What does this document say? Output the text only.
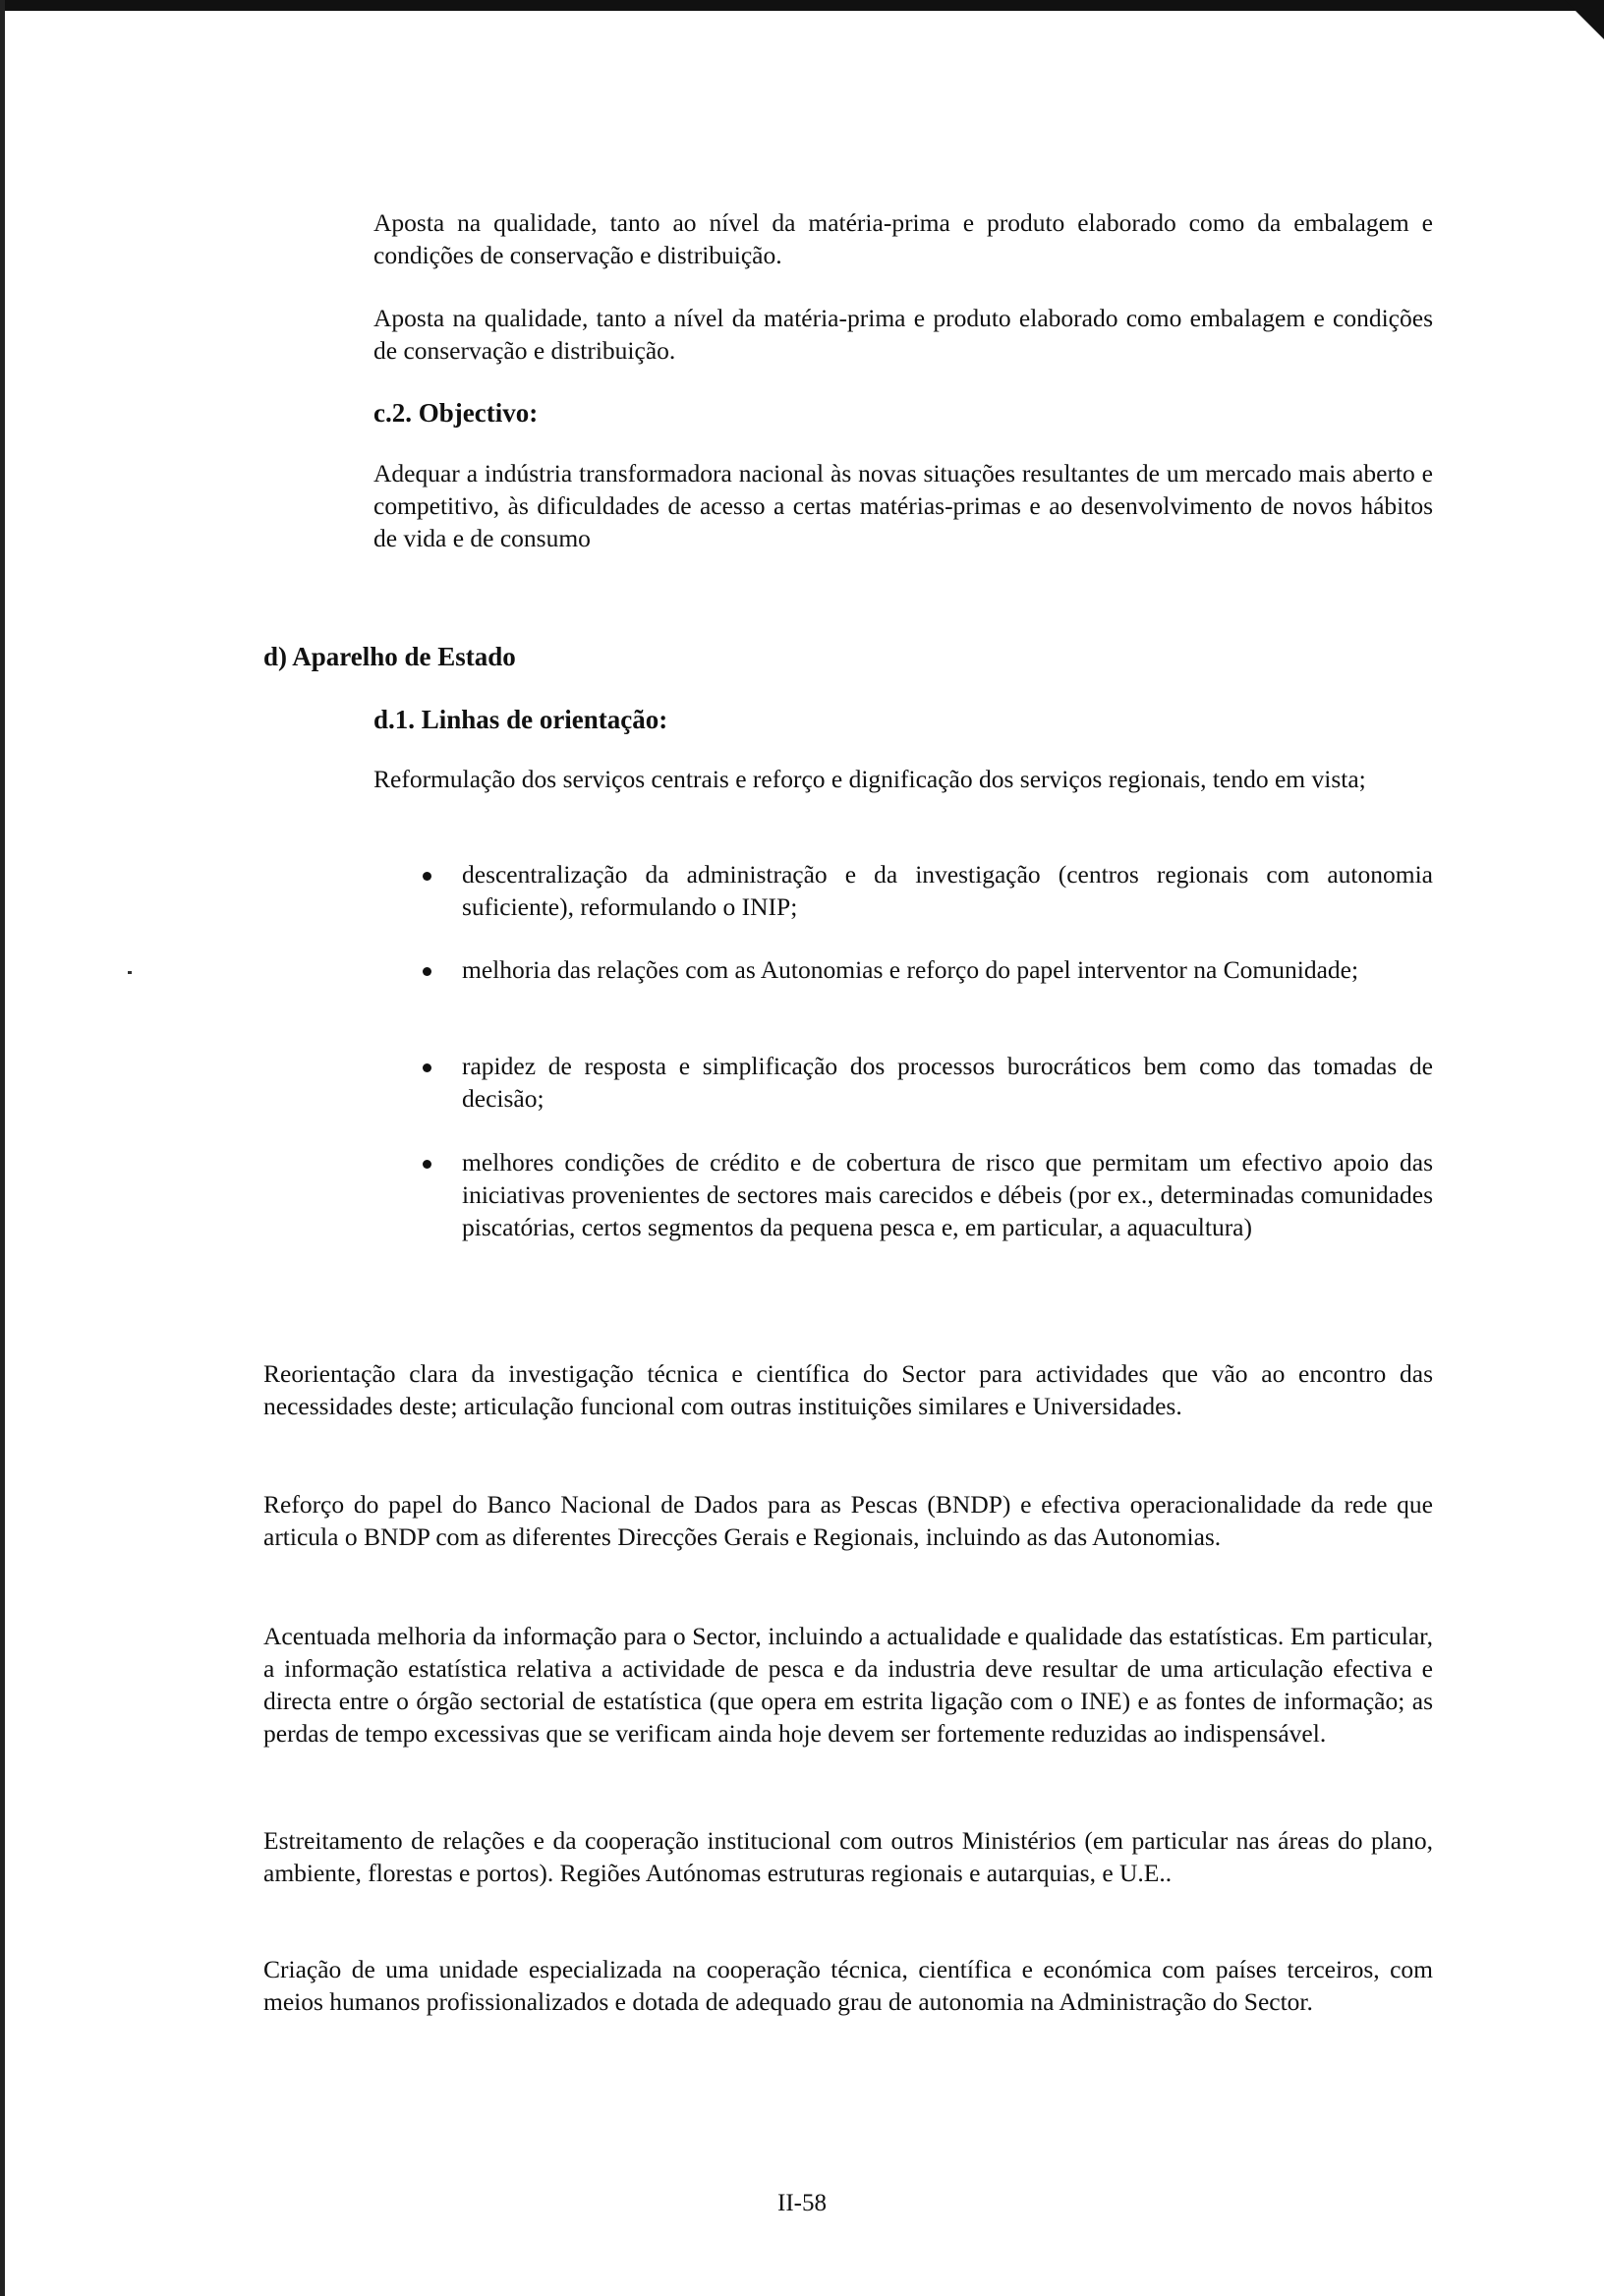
Aposta na qualidade, tanto ao nível da matéria-prima e produto elaborado como da embalagem e condições de conservação e distribuição.

Aposta na qualidade, tanto a nível da matéria-prima e produto elaborado como embalagem e condições de conservação e distribuição.

c.2. Objectivo:

Adequar a indústria transformadora nacional às novas situações resultantes de um mercado mais aberto e competitivo, às dificuldades de acesso a certas matérias-primas e ao desenvolvimento de novos hábitos de vida e de consumo

d) Aparelho de Estado
d.1. Linhas de orientação:

Reformulação dos serviços centrais e reforço e dignificação dos serviços regionais, tendo em vista;

descentralização da administração e da investigação (centros regionais com autonomia suficiente), reformulando o INIP;

melhoria das relações com as Autonomias e reforço do papel interventor na Comunidade;

rapidez de resposta e simplificação dos processos burocráticos bem como das tomadas de decisão;

melhores condições de crédito e de cobertura de risco que permitam um efectivo apoio das iniciativas provenientes de sectores mais carecidos e débeis (por ex., determinadas comunidades piscatórias, certos segmentos da pequena pesca e, em particular, a aquacultura)

Reorientação clara da investigação técnica e científica do Sector para actividades que vão ao encontro das necessidades deste; articulação funcional com outras instituições similares e Universidades.

Reforço do papel do Banco Nacional de Dados para as Pescas (BNDP) e efectiva operacionalidade da rede que articula o BNDP com as diferentes Direcções Gerais e Regionais, incluindo as das Autonomias.

Acentuada melhoria da informação para o Sector, incluindo a actualidade e qualidade das estatísticas. Em particular, a informação estatística relativa a actividade de pesca e da industria deve resultar de uma articulação efectiva e directa entre o órgão sectorial de estatística (que opera em estrita ligação com o INE) e as fontes de informação; as perdas de tempo excessivas que se verificam ainda hoje devem ser fortemente reduzidas ao indispensável.

Estreitamento de relações e da cooperação institucional com outros Ministérios (em particular nas áreas do plano, ambiente, florestas e portos). Regiões Autónomas estruturas regionais e autarquias, e U.E..

Criação de uma unidade especializada na cooperação técnica, científica e económica com países terceiros, com meios humanos profissionalizados e dotada de adequado grau de autonomia na Administração do Sector.

II-58
